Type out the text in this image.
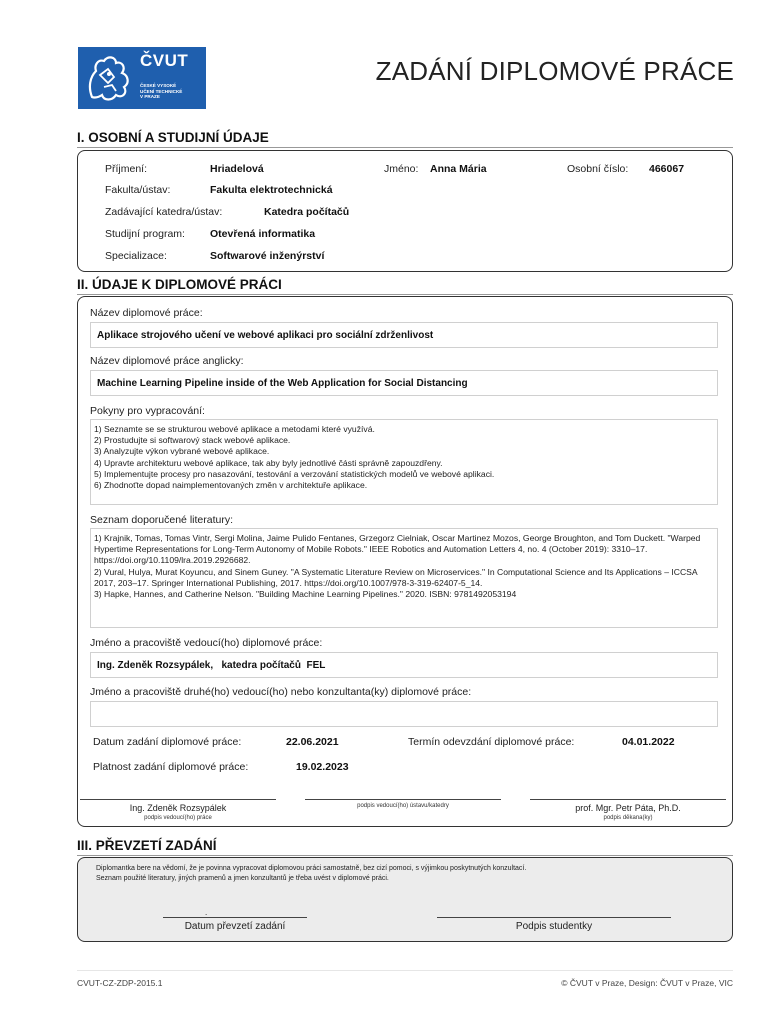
ČVUT
ČESKÉ VYSOKÉ
UČENÍ TECHNICKÉ
V PRAZE
ZADÁNÍ DIPLOMOVÉ PRÁCE
I. OSOBNÍ A STUDIJNÍ ÚDAJE
Příjmení:	Hriadelová	Jméno: Anna Mária	Osobní číslo: 466067
Fakulta/ústav:	Fakulta elektrotechnická
Zadávající katedra/ústav:	Katedra počítačů
Studijní program: Otevřená informatika
Specializace:	Softwarové inženýrství
II. ÚDAJE K DIPLOMOVÉ PRÁCI
Název diplomové práce:
Aplikace strojového učení ve webové aplikaci pro sociální zdrženlivost
Název diplomové práce anglicky:
Machine Learning Pipeline inside of the Web Application for Social Distancing
Pokyny pro vypracování:
1) Seznamte se se strukturou webové aplikace a metodami které využívá.
2) Prostudujte si softwarový stack webové aplikace.
3) Analyzujte výkon vybrané webové aplikace.
4) Upravte architekturu webové aplikace, tak aby byly jednotlivé části správně zapouzdřeny.
5) Implementujte procesy pro nasazování, testování a verzování statistických modelů ve webové aplikaci.
6) Zhodnoťte dopad naimplementovaných změn v architektuře aplikace.
Seznam doporučené literatury:
1) Krajnik, Tomas, Tomas Vintr, Sergi Molina, Jaime Pulido Fentanes, Grzegorz Cielniak, Oscar Martinez Mozos, George Broughton, and Tom Duckett. "Warped Hypertime Representations for Long-Term Autonomy of Mobile Robots." IEEE Robotics and Automation Letters 4, no. 4 (October 2019): 3310–17. https://doi.org/10.1109/lra.2019.2926682.
2) Vural, Hulya, Murat Koyuncu, and Sinem Guney. "A Systematic Literature Review on Microservices." In Computational Science and Its Applications – ICCSA 2017, 203–17. Springer International Publishing, 2017. https://doi.org/10.1007/978-3-319-62407-5_14.
3) Hapke, Hannes, and Catherine Nelson. "Building Machine Learning Pipelines." 2020. ISBN: 9781492053194
Jméno a pracoviště vedoucí(ho) diplomové práce:
Ing. Zdeněk Rozsypálek,   katedra počítačů  FEL
Jméno a pracoviště druhé(ho) vedoucí(ho) nebo konzultanta(ky) diplomové práce:
Datum zadání diplomové práce:	22.06.2021	Termín odevzdání diplomové práce:	04.01.2022
Platnost zadání diplomové práce:	19.02.2023
Ing. Zdeněk Rozsypálek
podpis vedoucí(ho) práce
podpis vedoucí(ho) ústavu/katedry	prof. Mgr. Petr Páta, Ph.D.
podpis děkana(ky)
III. PŘEVZETÍ ZADÁNÍ
Diplomantka bere na vědomí, že je povinna vypracovat diplomovou práci samostatně, bez cizí pomoci, s výjimkou poskytnutých konzultací.
Seznam použité literatury, jiných pramenů a jmen konzultantů je třeba uvést v diplomové práci.
.
Datum převzetí zadání	Podpis studentky
CVUT-CZ-ZDP-2015.1	© ČVUT v Praze, Design: ČVUT v Praze, VIC
